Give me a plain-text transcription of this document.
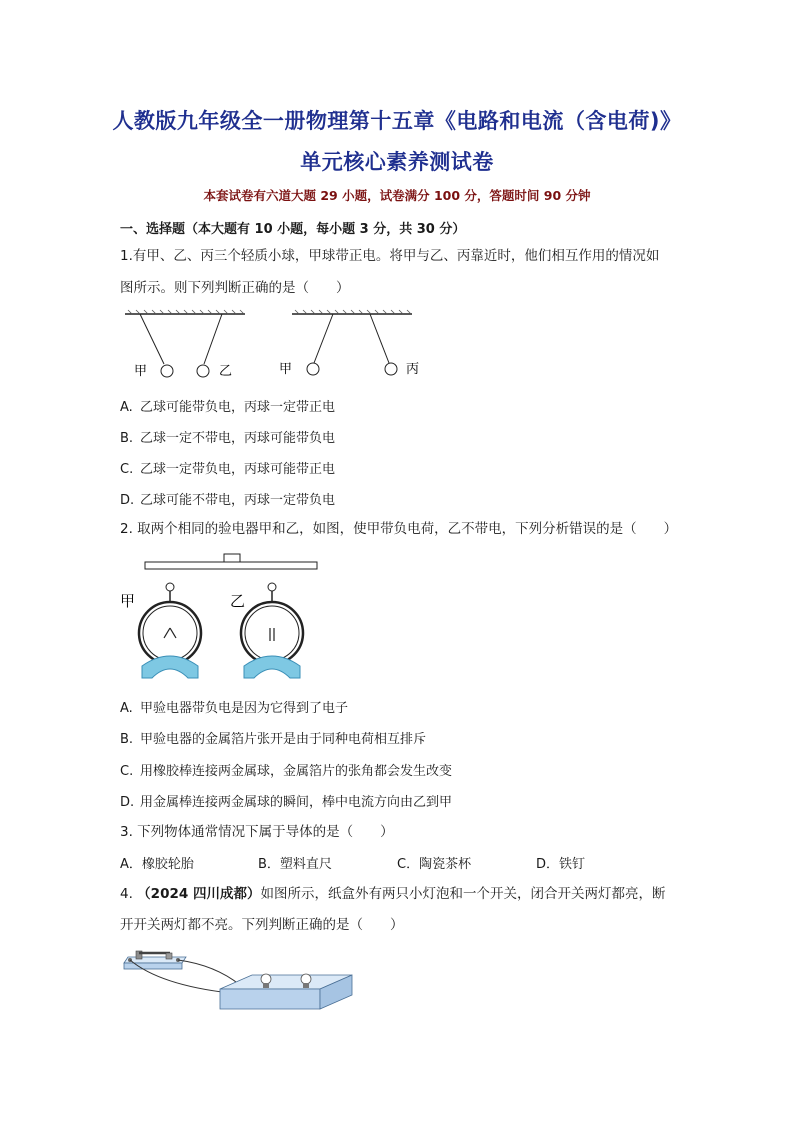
人教版九年级全一册物理第十五章《电路和电流（含电荷)》
单元核心素养测试卷
本套试卷有六道大题 29 小题，试卷满分 100 分，答题时间 90 分钟
一、选择题（本大题有 10 小题，每小题 3 分，共 30 分）
1.有甲、乙、丙三个轻质小球，甲球带正电。将甲与乙、丙靠近时，他们相互作用的情况如
图所示。则下列判断正确的是（　　）
甲	乙	甲	丙
A. 乙球可能带负电，丙球一定带正电
B. 乙球一定不带电，丙球可能带负电
C. 乙球一定带负电，丙球可能带正电
D. 乙球可能不带电，丙球一定带负电
2. 取两个相同的验电器甲和乙，如图，使甲带负电荷，乙不带电，下列分析错误的是（　　）
甲	乙
A. 甲验电器带负电是因为它得到了电子
B. 甲验电器的金属箔片张开是由于同种电荷相互排斥
C. 用橡胶棒连接两金属球，金属箔片的张角都会发生改变
D. 用金属棒连接两金属球的瞬间，棒中电流方向由乙到甲
3. 下列物体通常情况下属于导体的是（　　）
A．橡胶轮胎	B．塑料直尺	C．陶瓷茶杯	D．铁钉
4. （2024 四川成都）如图所示，纸盒外有两只小灯泡和一个开关，闭合开关两灯都亮，断
开开关两灯都不亮。下列判断正确的是（　　）
